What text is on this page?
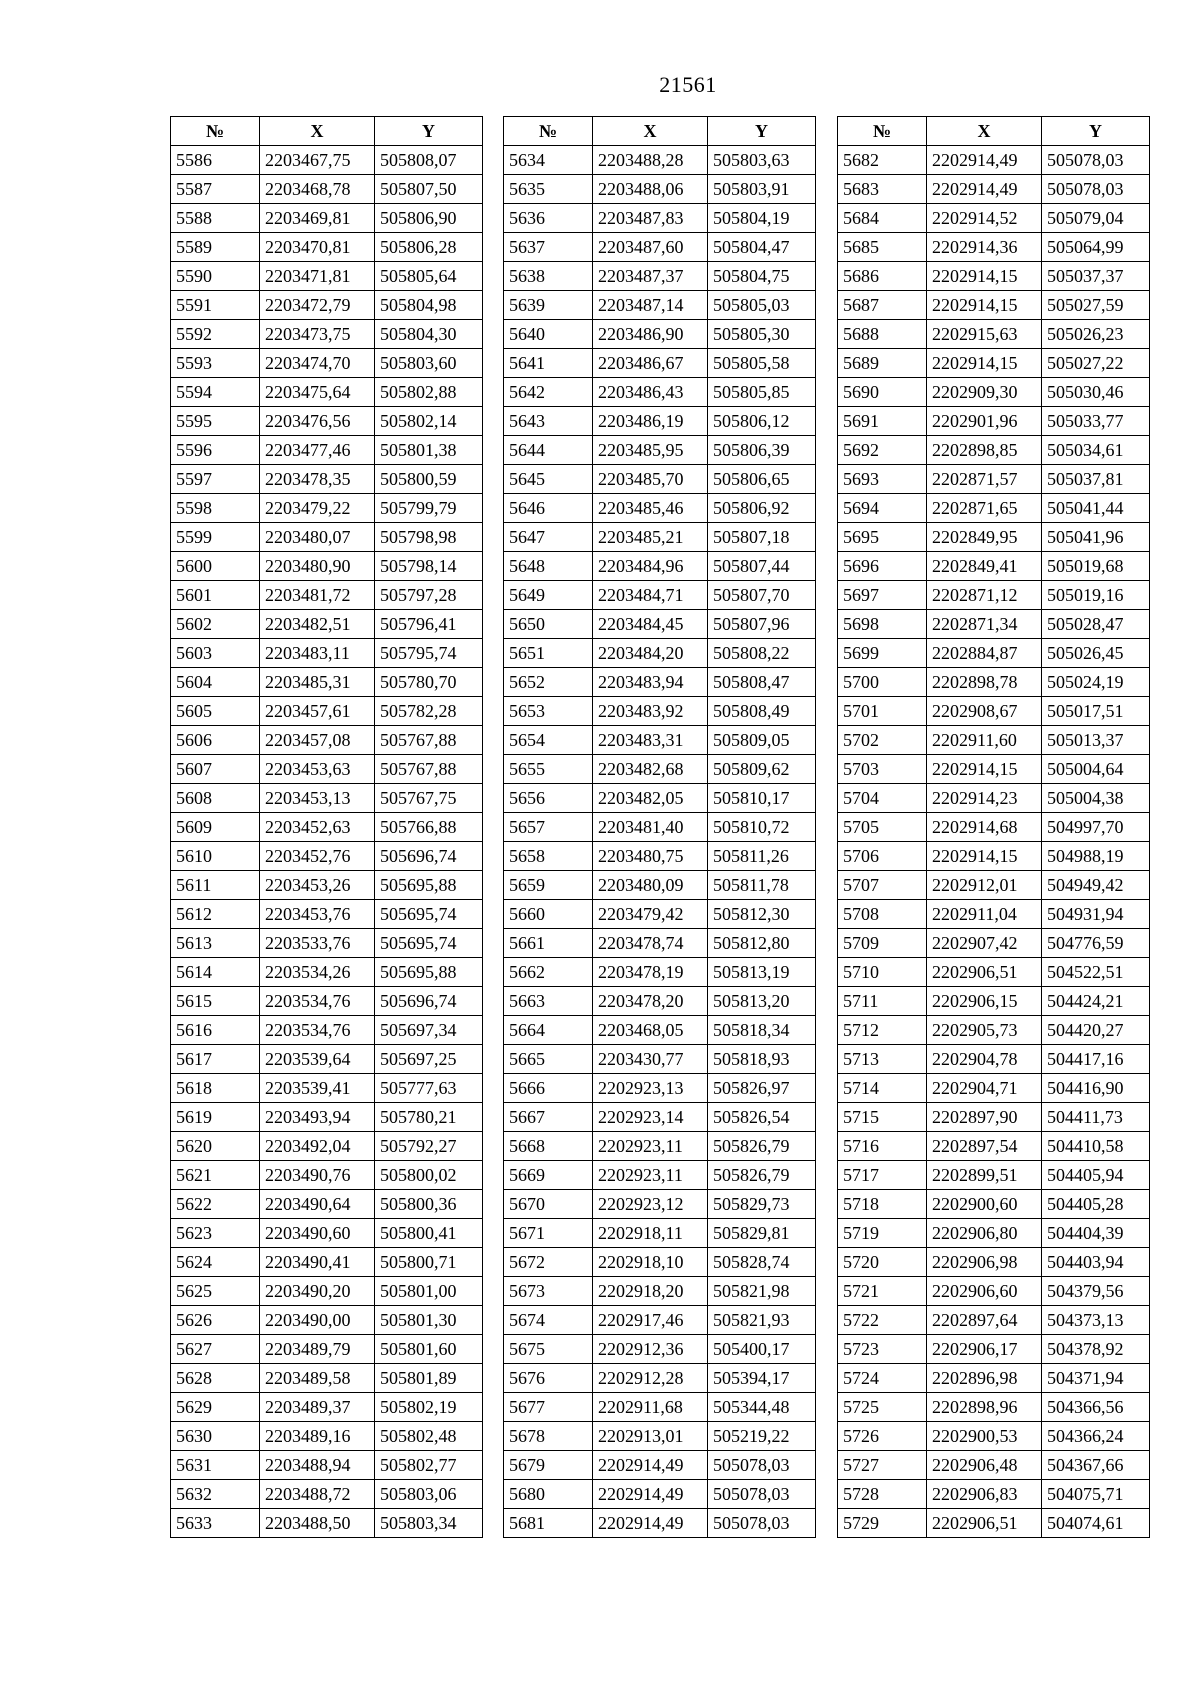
21561
№	X	Y
5586	2203467,75	505808,07
5587	2203468,78	505807,50
5588	2203469,81	505806,90
5589	2203470,81	505806,28
5590	2203471,81	505805,64
5591	2203472,79	505804,98
5592	2203473,75	505804,30
5593	2203474,70	505803,60
5594	2203475,64	505802,88
5595	2203476,56	505802,14
5596	2203477,46	505801,38
5597	2203478,35	505800,59
5598	2203479,22	505799,79
5599	2203480,07	505798,98
5600	2203480,90	505798,14
5601	2203481,72	505797,28
5602	2203482,51	505796,41
5603	2203483,11	505795,74
5604	2203485,31	505780,70
5605	2203457,61	505782,28
5606	2203457,08	505767,88
5607	2203453,63	505767,88
5608	2203453,13	505767,75
5609	2203452,63	505766,88
5610	2203452,76	505696,74
5611	2203453,26	505695,88
5612	2203453,76	505695,74
5613	2203533,76	505695,74
5614	2203534,26	505695,88
5615	2203534,76	505696,74
5616	2203534,76	505697,34
5617	2203539,64	505697,25
5618	2203539,41	505777,63
5619	2203493,94	505780,21
5620	2203492,04	505792,27
5621	2203490,76	505800,02
5622	2203490,64	505800,36
5623	2203490,60	505800,41
5624	2203490,41	505800,71
5625	2203490,20	505801,00
5626	2203490,00	505801,30
5627	2203489,79	505801,60
5628	2203489,58	505801,89
5629	2203489,37	505802,19
5630	2203489,16	505802,48
5631	2203488,94	505802,77
5632	2203488,72	505803,06
5633	2203488,50	505803,34
№	X	Y
5634	2203488,28	505803,63
5635	2203488,06	505803,91
5636	2203487,83	505804,19
5637	2203487,60	505804,47
5638	2203487,37	505804,75
5639	2203487,14	505805,03
5640	2203486,90	505805,30
5641	2203486,67	505805,58
5642	2203486,43	505805,85
5643	2203486,19	505806,12
5644	2203485,95	505806,39
5645	2203485,70	505806,65
5646	2203485,46	505806,92
5647	2203485,21	505807,18
5648	2203484,96	505807,44
5649	2203484,71	505807,70
5650	2203484,45	505807,96
5651	2203484,20	505808,22
5652	2203483,94	505808,47
5653	2203483,92	505808,49
5654	2203483,31	505809,05
5655	2203482,68	505809,62
5656	2203482,05	505810,17
5657	2203481,40	505810,72
5658	2203480,75	505811,26
5659	2203480,09	505811,78
5660	2203479,42	505812,30
5661	2203478,74	505812,80
5662	2203478,19	505813,19
5663	2203478,20	505813,20
5664	2203468,05	505818,34
5665	2203430,77	505818,93
5666	2202923,13	505826,97
5667	2202923,14	505826,54
5668	2202923,11	505826,79
5669	2202923,11	505826,79
5670	2202923,12	505829,73
5671	2202918,11	505829,81
5672	2202918,10	505828,74
5673	2202918,20	505821,98
5674	2202917,46	505821,93
5675	2202912,36	505400,17
5676	2202912,28	505394,17
5677	2202911,68	505344,48
5678	2202913,01	505219,22
5679	2202914,49	505078,03
5680	2202914,49	505078,03
5681	2202914,49	505078,03
№	X	Y
5682	2202914,49	505078,03
5683	2202914,49	505078,03
5684	2202914,52	505079,04
5685	2202914,36	505064,99
5686	2202914,15	505037,37
5687	2202914,15	505027,59
5688	2202915,63	505026,23
5689	2202914,15	505027,22
5690	2202909,30	505030,46
5691	2202901,96	505033,77
5692	2202898,85	505034,61
5693	2202871,57	505037,81
5694	2202871,65	505041,44
5695	2202849,95	505041,96
5696	2202849,41	505019,68
5697	2202871,12	505019,16
5698	2202871,34	505028,47
5699	2202884,87	505026,45
5700	2202898,78	505024,19
5701	2202908,67	505017,51
5702	2202911,60	505013,37
5703	2202914,15	505004,64
5704	2202914,23	505004,38
5705	2202914,68	504997,70
5706	2202914,15	504988,19
5707	2202912,01	504949,42
5708	2202911,04	504931,94
5709	2202907,42	504776,59
5710	2202906,51	504522,51
5711	2202906,15	504424,21
5712	2202905,73	504420,27
5713	2202904,78	504417,16
5714	2202904,71	504416,90
5715	2202897,90	504411,73
5716	2202897,54	504410,58
5717	2202899,51	504405,94
5718	2202900,60	504405,28
5719	2202906,80	504404,39
5720	2202906,98	504403,94
5721	2202906,60	504379,56
5722	2202897,64	504373,13
5723	2202906,17	504378,92
5724	2202896,98	504371,94
5725	2202898,96	504366,56
5726	2202900,53	504366,24
5727	2202906,48	504367,66
5728	2202906,83	504075,71
5729	2202906,51	504074,61
